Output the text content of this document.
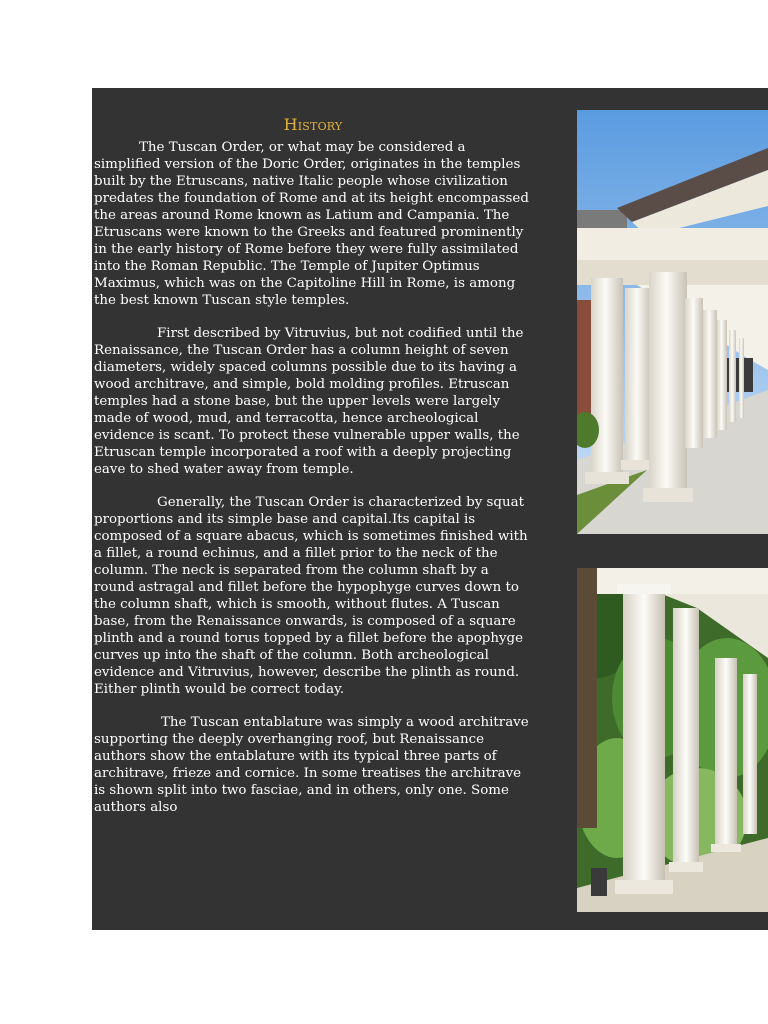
History

The Tuscan Order, or what may be considered a simplified version of the Doric Order, originates in the temples built by the Etruscans, native Italic people whose civilization predates the foundation of Rome and at its height encompassed the areas around Rome known as Latium and Campania. The Etruscans were known to the Greeks and featured prominently in the early history of Rome before they were fully assimilated into the Roman Republic. The Temple of Jupiter Optimus Maximus, which was on the Capitoline Hill in Rome, is among the best known Tuscan style temples.

First described by Vitruvius, but not codified until the Renaissance, the Tuscan Order has a column height of seven diameters, widely spaced columns possible due to its having a wood architrave, and simple, bold molding profiles. Etruscan temples had a stone base, but the upper levels were largely made of wood, mud, and terracotta, hence archeological evidence is scant. To protect these vulnerable upper walls, the Etruscan temple incorporated a roof with a deeply projecting eave to shed water away from temple.

Generally, the Tuscan Order is characterized by squat proportions and its simple base and capital.Its capital is composed of a square abacus, which is sometimes finished with a fillet, a round echinus, and a fillet prior to the neck of the column. The neck is separated from the column shaft by a round astragal and fillet before the hypophyge curves down to the column shaft, which is smooth, without flutes. A Tuscan base, from the Renaissance onwards, is composed of a square plinth and a round torus topped by a fillet before the apophyge curves up into the shaft of the column. Both archeological evidence and Vitruvius, however, describe the plinth as round. Either plinth would be correct today.

The Tuscan entablature was simply a wood architrave supporting the deeply overhanging roof, but Renaissance authors show the entablature with its typical three parts of architrave, frieze and cornice. In some treatises the architrave is shown split into two fasciae, and in others, only one. Some authors also
